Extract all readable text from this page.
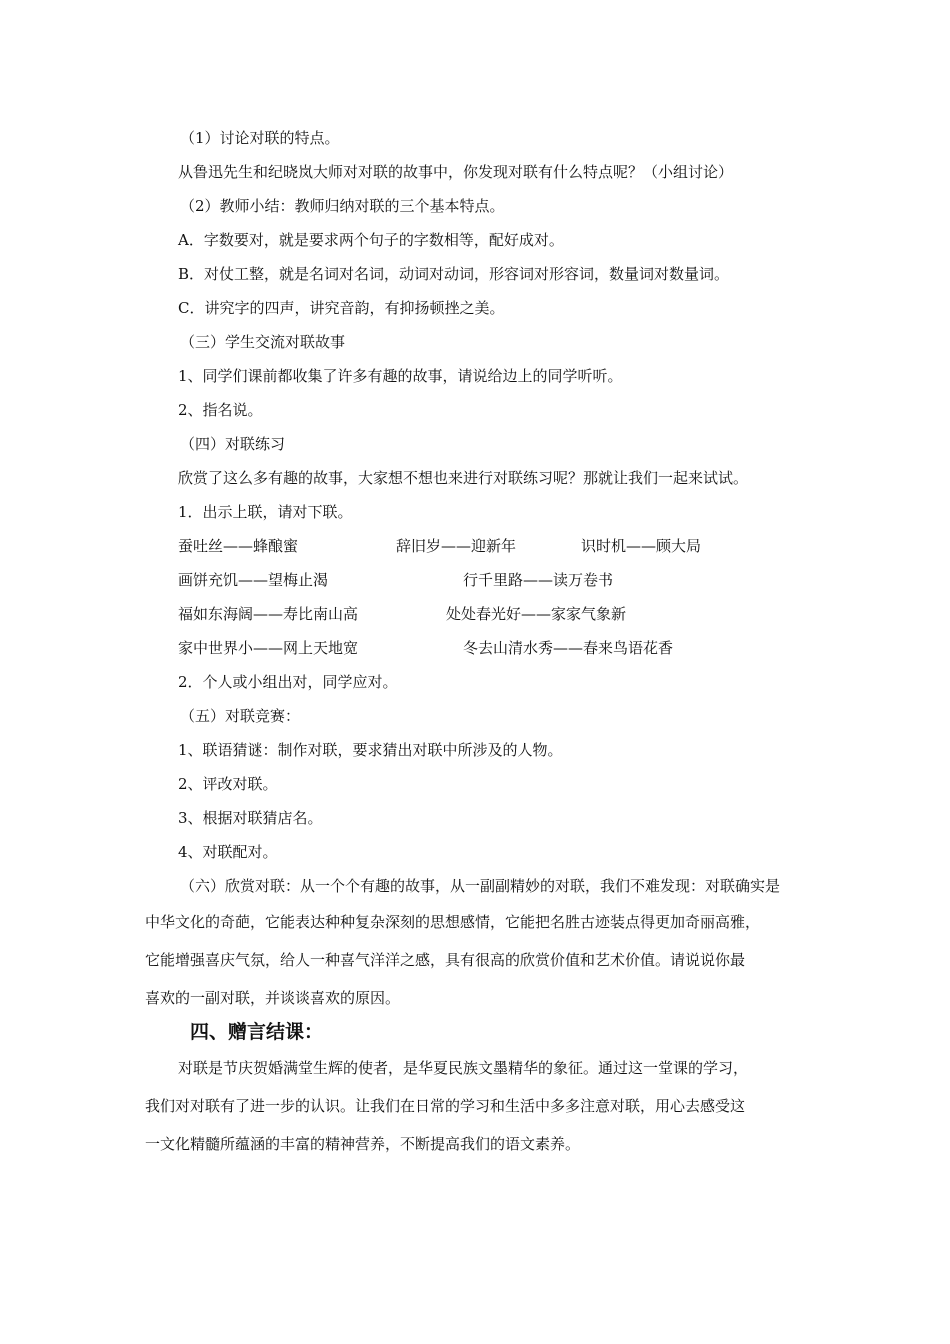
（1）讨论对联的特点。
从鲁迅先生和纪晓岚大师对对联的故事中，你发现对联有什么特点呢？（小组讨论）
（2）教师小结：教师归纳对联的三个基本特点。
A．字数要对，就是要求两个句子的字数相等，配好成对。
B．对仗工整，就是名词对名词，动词对动词，形容词对形容词，数量词对数量词。
C．讲究字的四声，讲究音韵，有抑扬顿挫之美。
（三）学生交流对联故事
1、同学们课前都收集了许多有趣的故事，请说给边上的同学听听。
2、指名说。
（四）对联练习
欣赏了这么多有趣的故事，大家想不想也来进行对联练习呢？那就让我们一起来试试。
1．出示上联，请对下联。
蚕吐丝——蜂酿蜜	辞旧岁——迎新年	识时机——顾大局
画饼充饥——望梅止渴	行千里路——读万卷书
福如东海阔——寿比南山高	处处春光好——家家气象新
家中世界小——网上天地宽	冬去山清水秀——春来鸟语花香
2．个人或小组出对，同学应对。
（五）对联竞赛：
1、联语猜谜：制作对联，要求猜出对联中所涉及的人物。
2、评改对联。
3、根据对联猜店名。
4、对联配对。
（六）欣赏对联：从一个个有趣的故事，从一副副精妙的对联，我们不难发现：对联确实是
中华文化的奇葩，它能表达种种复杂深刻的思想感情，它能把名胜古迹装点得更加奇丽高雅，
它能增强喜庆气氛，给人一种喜气洋洋之感，具有很高的欣赏价值和艺术价值。请说说你最
喜欢的一副对联，并谈谈喜欢的原因。
四、赠言结课：
对联是节庆贺婚满堂生辉的使者，是华夏民族文墨精华的象征。通过这一堂课的学习，
我们对对联有了进一步的认识。让我们在日常的学习和生活中多多注意对联，用心去感受这
一文化精髓所蕴涵的丰富的精神营养，不断提高我们的语文素养。
